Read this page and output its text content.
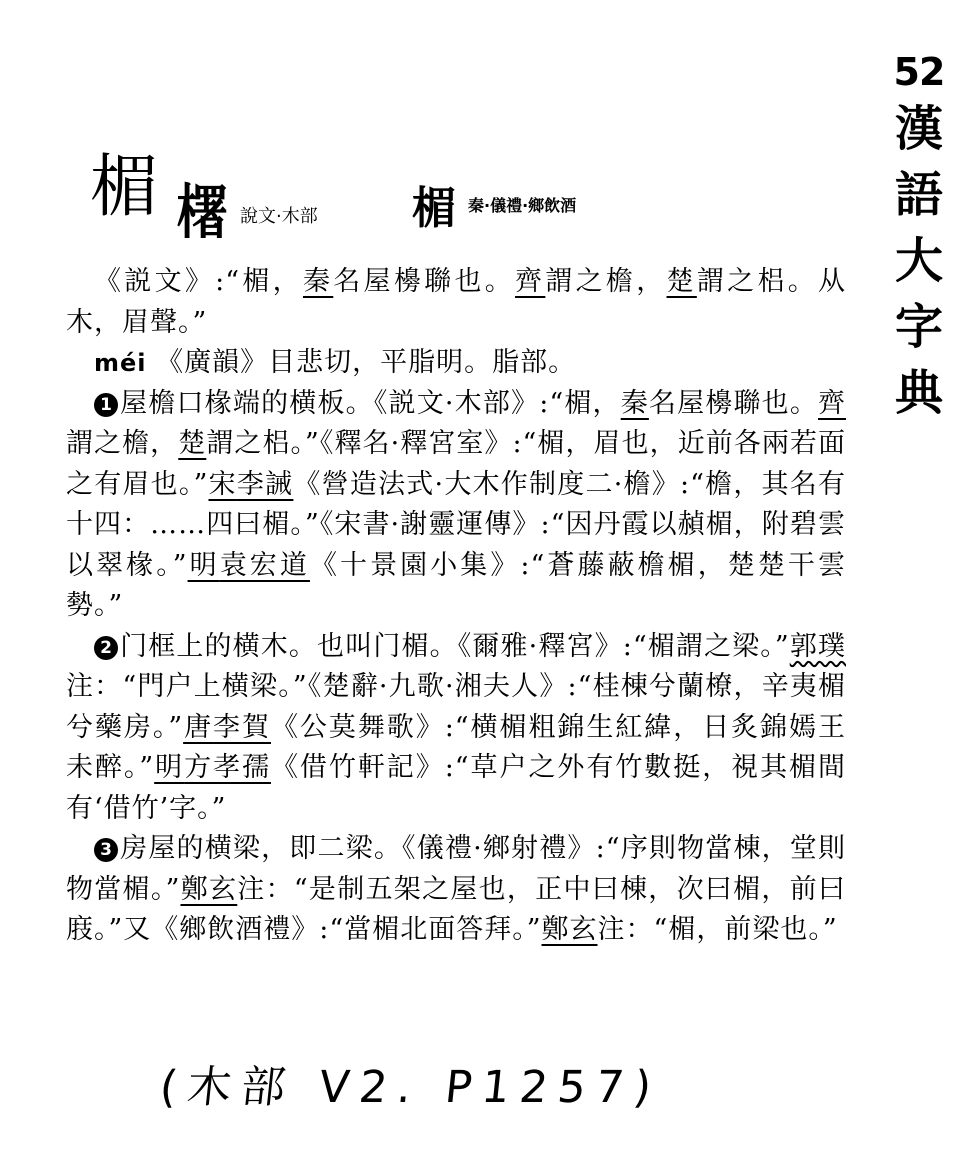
52
漢語大字典
楣 𣞍 說文·木部 楣 秦·儀禮·鄉飲酒

《説文》:“楣，秦名屋櫋聯也。齊謂之檐，楚謂之梠。从木，眉聲。”

méi 《廣韻》目悲切，平脂明。脂部。

1 屋檐口椽端的横板。《説文·木部》:“楣，秦名屋櫋聯也。齊謂之檐，楚謂之梠。”《釋名·釋宮室》:“楣，眉也，近前各兩若面之有眉也。”宋李誡《營造法式·大木作制度二·檐》:“檐，其名有十四：……四曰楣。”《宋書·謝靈運傳》:“因丹霞以赬楣，附碧雲以翠椽。”明袁宏道《十景園小集》:“蒼藤蔽檐楣，楚楚干雲勢。”

2 门框上的横木。也叫门楣。《爾雅·釋宮》:“楣謂之梁。”郭璞注：“門户上横梁。”《楚辭·九歌·湘夫人》:“桂棟兮蘭橑，辛夷楣兮藥房。”唐李賀《公莫舞歌》:“横楣粗錦生紅緯，日炙錦嫣王未醉。”明方孝孺《借竹軒記》:“草户之外有竹數挺，視其楣間有‘借竹’字。”

3 房屋的横梁，即二梁。《儀禮·鄉射禮》:“序則物當棟，堂則物當楣。”鄭玄注：“是制五架之屋也，正中曰棟，次曰楣，前曰庪。”又《鄉飲酒禮》:“當楣北面答拜。”鄭玄注：“楣，前梁也。”

(木部 V2. P1257)
